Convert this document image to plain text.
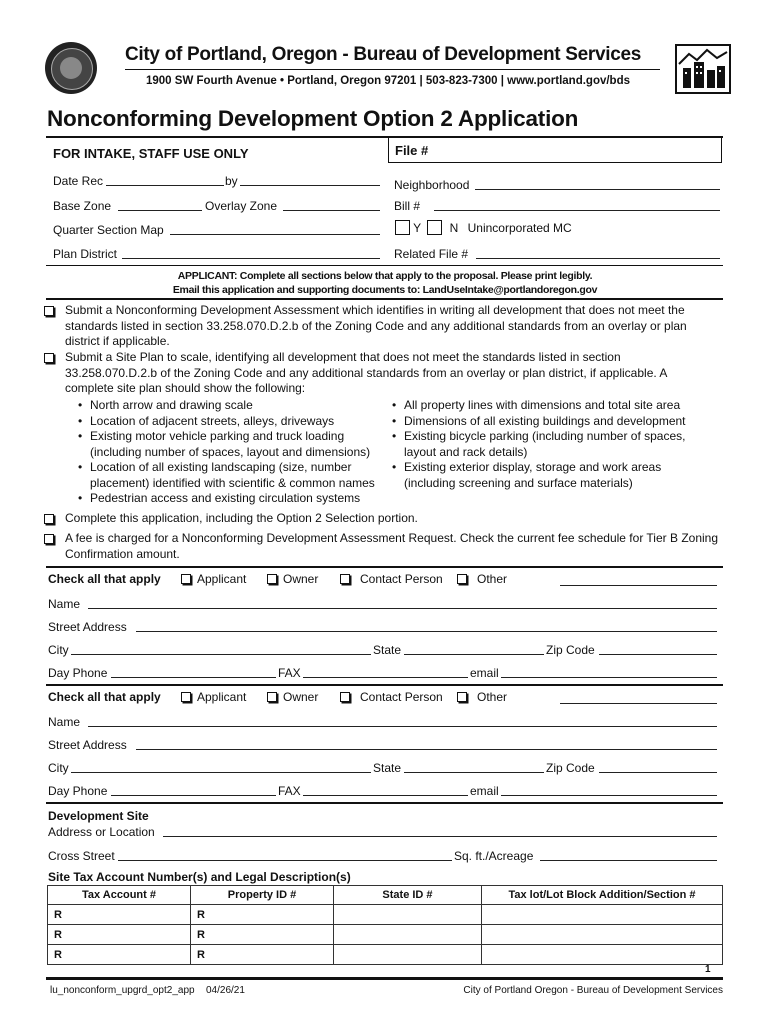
City of Portland, Oregon - Bureau of Development Services
1900 SW Fourth Avenue • Portland, Oregon 97201 | 503-823-7300 | www.portland.gov/bds
Nonconforming Development Option 2 Application
FOR INTAKE, STAFF USE ONLY	File #
Date Rec	by	Neighborhood
Base Zone	Overlay Zone	Bill #
Quarter Section Map	Y N Unincorporated MC
Plan District	Related File #
APPLICANT: Complete all sections below that apply to the proposal. Please print legibly.
Email this application and supporting documents to: LandUseIntake@portlandoregon.gov
Submit a Nonconforming Development Assessment which identifies in writing all development that does not meet the standards listed in section 33.258.070.D.2.b of the Zoning Code and any additional standards from an overlay or plan district if applicable.
Submit a Site Plan to scale, identifying all development that does not meet the standards listed in section 33.258.070.D.2.b of the Zoning Code and any additional standards from an overlay or plan district, if applicable. A complete site plan should show the following:
• North arrow and drawing scale
• Location of adjacent streets, alleys, driveways
• Existing motor vehicle parking and truck loading (including number of spaces, layout and dimensions)
• Location of all existing landscaping (size, number placement) identified with scientific & common names
• Pedestrian access and existing circulation systems
• All property lines with dimensions and total site area
• Dimensions of all existing buildings and development
• Existing bicycle parking (including number of spaces, layout and rack details)
• Existing exterior display, storage and work areas (including screening and surface materials)
Complete this application, including the Option 2 Selection portion.
A fee is charged for a Nonconforming Development Assessment Request. Check the current fee schedule for Tier B Zoning Confirmation amount.
Check all that apply	Applicant	Owner	Contact Person	Other
Name
Street Address
City	State	Zip Code
Day Phone	FAX	email
Check all that apply	Applicant	Owner	Contact Person	Other
Name
Street Address
City	State	Zip Code
Day Phone	FAX	email
Development Site
Address or Location
Cross Street	Sq. ft./Acreage
Site Tax Account Number(s) and Legal Description(s)
Tax Account #	Property ID #	State ID #	Tax lot/Lot Block Addition/Section #
R	R		
R	R		
R	R		
1
lu_nonconform_upgrd_opt2_app 04/26/21	City of Portland Oregon - Bureau of Development Services
